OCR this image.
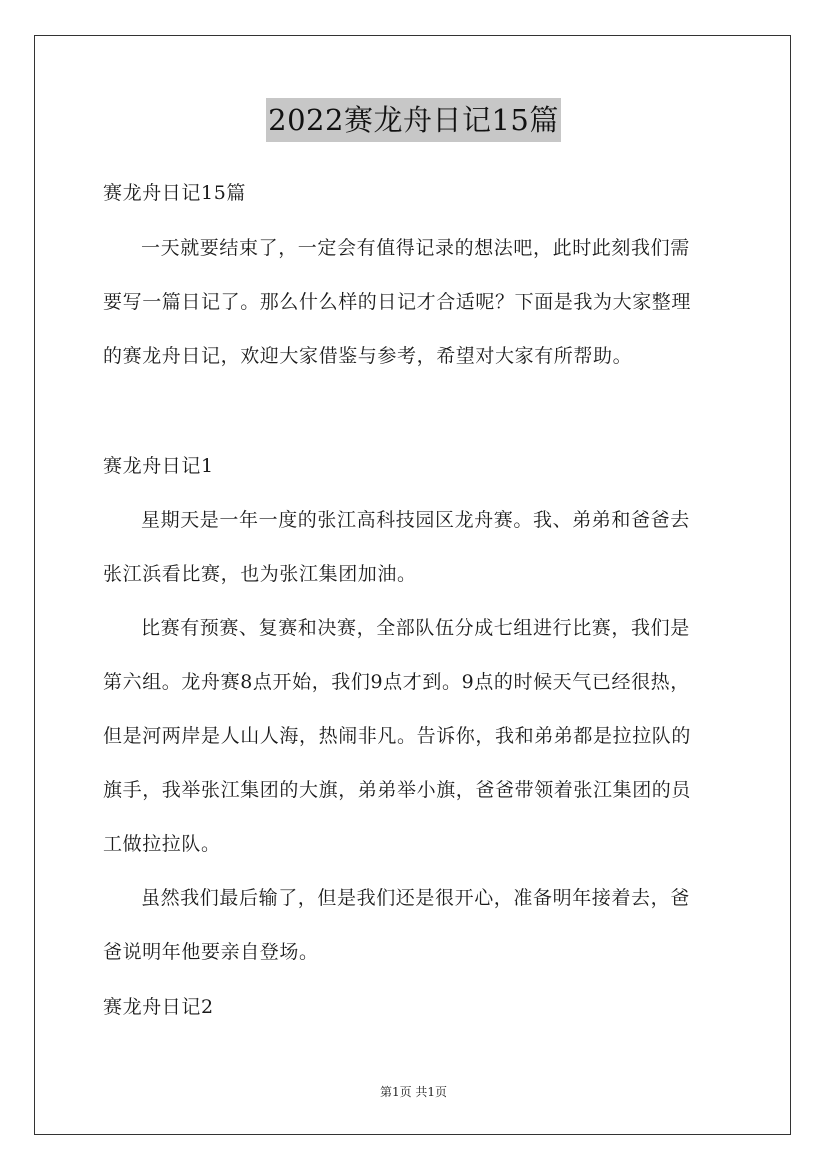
2022赛龙舟日记15篇
赛龙舟日记15篇
一天就要结束了，一定会有值得记录的想法吧，此时此刻我们需
要写一篇日记了。那么什么样的日记才合适呢？下面是我为大家整理
的赛龙舟日记，欢迎大家借鉴与参考，希望对大家有所帮助。
赛龙舟日记1
星期天是一年一度的张江高科技园区龙舟赛。我、弟弟和爸爸去
张江浜看比赛，也为张江集团加油。
比赛有预赛、复赛和决赛，全部队伍分成七组进行比赛，我们是
第六组。龙舟赛8点开始，我们9点才到。9点的时候天气已经很热，
但是河两岸是人山人海，热闹非凡。告诉你，我和弟弟都是拉拉队的
旗手，我举张江集团的大旗，弟弟举小旗，爸爸带领着张江集团的员
工做拉拉队。
虽然我们最后输了，但是我们还是很开心，准备明年接着去，爸
爸说明年他要亲自登场。
赛龙舟日记2
第1页 共1页
